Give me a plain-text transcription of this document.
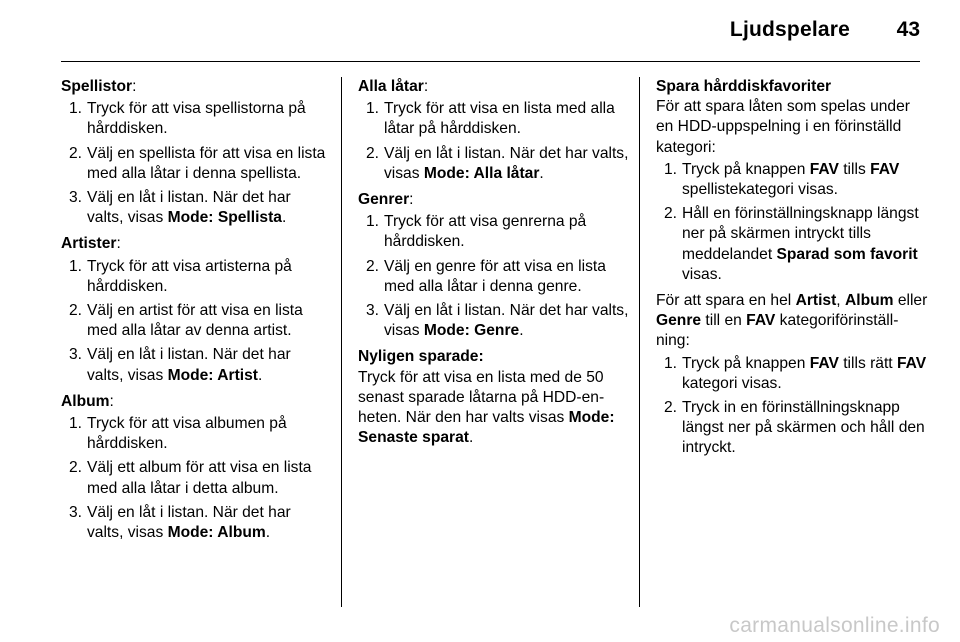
Ljudspelare 43
Spellistor:
1. Tryck för att visa spellistorna på hårddisken.
2. Välj en spellista för att visa en lista med alla låtar i denna spellista.
3. Välj en låt i listan. När det har valts, visas Mode: Spellista.
Artister:
1. Tryck för att visa artisterna på hårddisken.
2. Välj en artist för att visa en lista med alla låtar av denna artist.
3. Välj en låt i listan. När det har valts, visas Mode: Artist.
Album:
1. Tryck för att visa albumen på hårddisken.
2. Välj ett album för att visa en lista med alla låtar i detta album.
3. Välj en låt i listan. När det har valts, visas Mode: Album.
Alla låtar:
1. Tryck för att visa en lista med alla låtar på hårddisken.
2. Välj en låt i listan. När det har valts, visas Mode: Alla låtar.
Genrer:
1. Tryck för att visa genrerna på hårddisken.
2. Välj en genre för att visa en lista med alla låtar i denna genre.
3. Välj en låt i listan. När det har valts, visas Mode: Genre.
Nyligen sparade:

Tryck för att visa en lista med de 50 senast sparade låtarna på HDD-en-heten. När den har valts visas Mode: Senaste sparat.

Spara hårddiskfavoriter

För att spara låten som spelas under en HDD-uppspelning i en förinställd kategori:

1. Tryck på knappen FAV tills FAV spellistekategori visas.
2. Håll en förinställningsknapp längst ner på skärmen intryckt tills meddelandet Sparad som favorit visas.

För att spara en hel Artist, Album eller Genre till en FAV kategoriförinställ-ning:

1. Tryck på knappen FAV tills rätt FAV kategori visas.
2. Tryck in en förinställningsknapp längst ner på skärmen och håll den intryckt.
carmanualsonline.info
